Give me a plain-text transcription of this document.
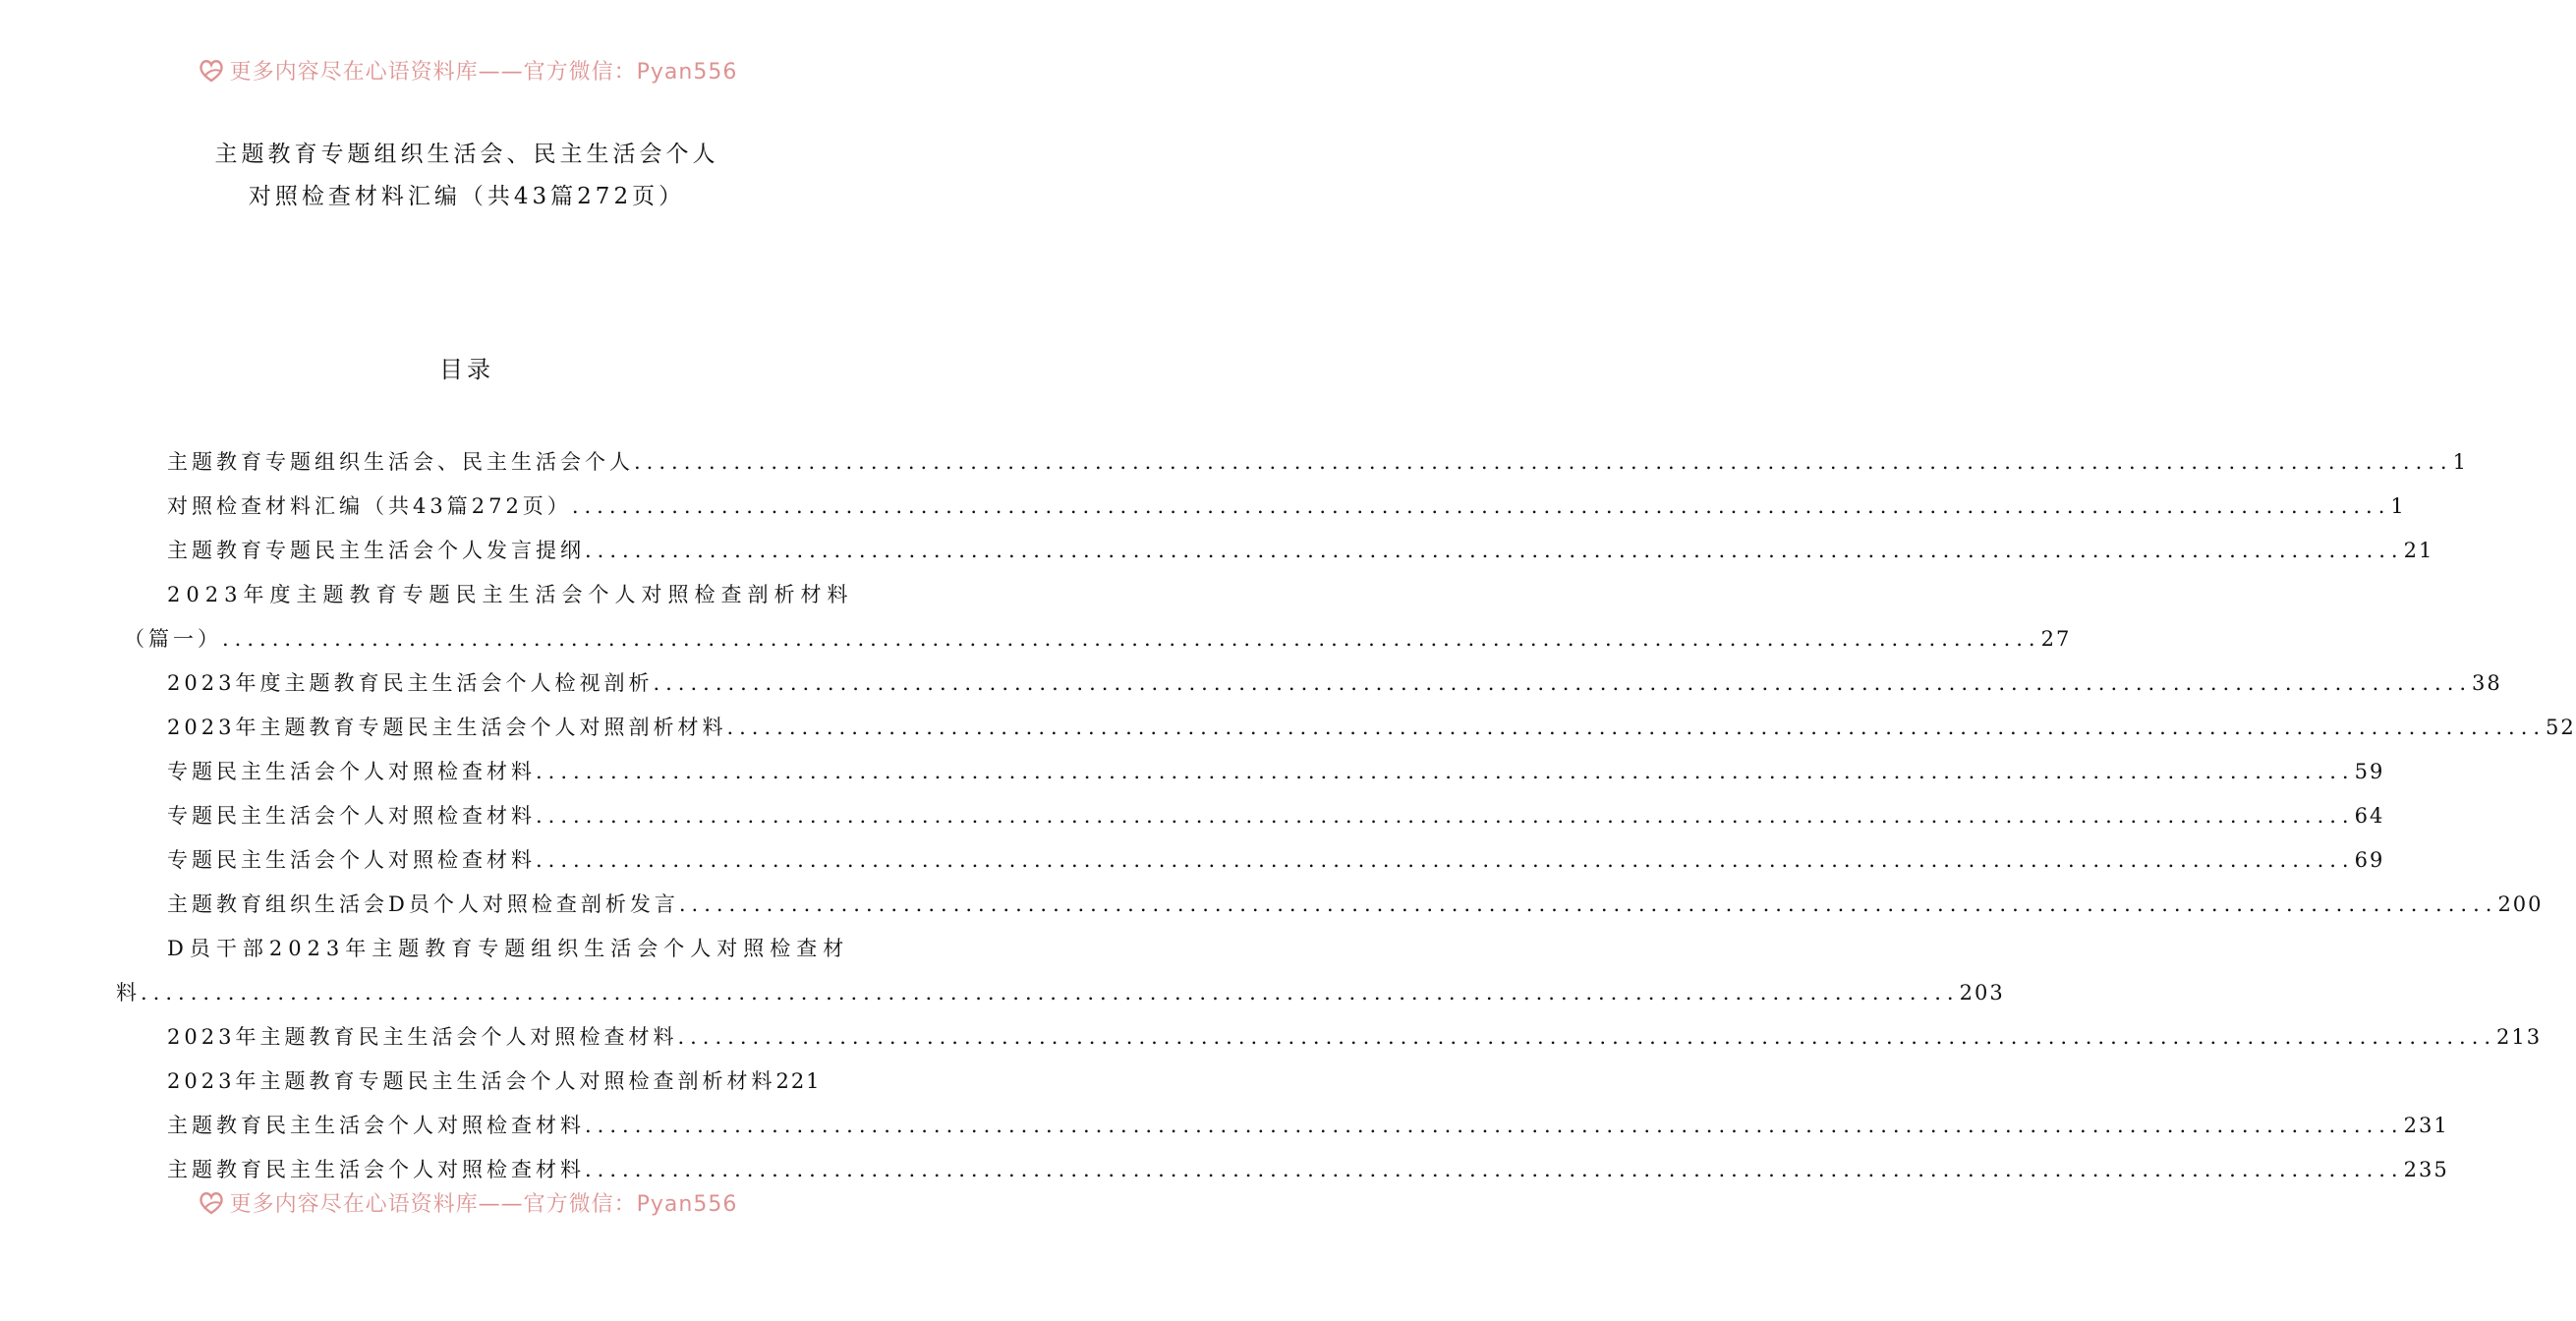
更多内容尽在心语资料库——官方微信：Pyan556
主题教育专题组织生活会、民主生活会个人
对照检查材料汇编（共43篇272页）
目录
主题教育专题组织生活会、民主生活会个人 .....	1
对照检查材料汇编（共43篇272页） .....	1
主题教育专题民主生活会个人发言提纲 .....	21
2023年度主题教育专题民主生活会个人对照检查剖析材料
（篇一） .....	27
2023年度主题教育民主生活会个人检视剖析 .....	38
2023年主题教育专题民主生活会个人对照剖析材料 .....	52
专题民主生活会个人对照检查材料 .....	59
专题民主生活会个人对照检查材料 .....	64
专题民主生活会个人对照检查材料 .....	69
主题教育组织生活会D员个人对照检查剖析发言 .....	200
D员干部2023年主题教育专题组织生活会个人对照检查材
料 .....	203
2023年主题教育民主生活会个人对照检查材料 .....	213
2023年主题教育专题民主生活会个人对照检查剖析材料 221
主题教育民主生活会个人对照检查材料 .....	231
主题教育民主生活会个人对照检查材料 .....	235
更多内容尽在心语资料库——官方微信：Pyan556
